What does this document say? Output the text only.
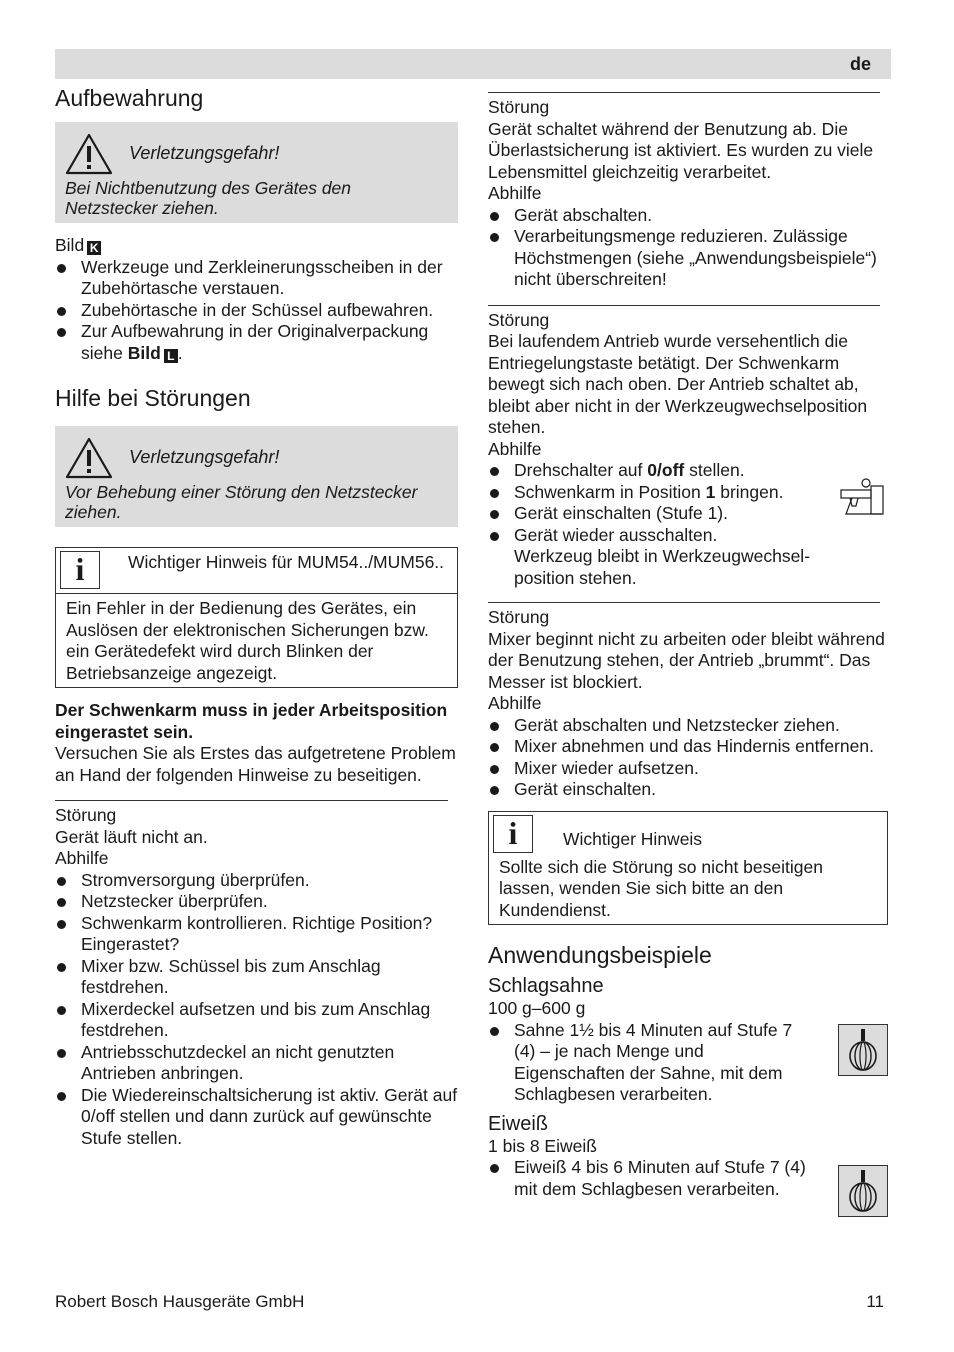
de
Aufbewahrung
Verletzungsgefahr!
Bei Nichtbenutzung des Gerätes den Netzstecker ziehen.
Bild K
Werkzeuge und Zerkleinerungsscheiben in der Zubehörtasche verstauen.
Zubehörtasche in der Schüssel aufbewahren.
Zur Aufbewahrung in der Originalverpackung siehe Bild L .
Hilfe bei Störungen
Verletzungsgefahr!
Vor Behebung einer Störung den Netzstecker ziehen.
i	Wichtiger Hinweis für MUM54../MUM56..
Ein Fehler in der Bedienung des Gerätes, ein Auslösen der elektronischen Sicherungen bzw. ein Gerätedefekt wird durch Blinken der Betriebsanzeige angezeigt.
Der Schwenkarm muss in jeder Arbeitsposition eingerastet sein.
Versuchen Sie als Erstes das aufgetretene Problem an Hand der folgenden Hinweise zu beseitigen.
Störung
Gerät läuft nicht an.
Abhilfe
Stromversorgung überprüfen.
Netzstecker überprüfen.
Schwenkarm kontrollieren. Richtige Position? Eingerastet?
Mixer bzw. Schüssel bis zum Anschlag festdrehen.
Mixerdeckel aufsetzen und bis zum Anschlag festdrehen.
Antriebsschutzdeckel an nicht genutzten Antrieben anbringen.
Die Wiedereinschaltsicherung ist aktiv. Gerät auf 0/off stellen und dann zurück auf gewünschte Stufe stellen.
Störung
Gerät schaltet während der Benutzung ab. Die Überlastsicherung ist aktiviert. Es wurden zu viele Lebensmittel gleichzeitig verarbeitet.
Abhilfe
Gerät abschalten.
Verarbeitungsmenge reduzieren. Zulässige Höchstmengen (siehe „Anwendungsbeispiele“) nicht überschreiten!
Störung
Bei laufendem Antrieb wurde versehentlich die Entriegelungstaste betätigt. Der Schwenkarm bewegt sich nach oben. Der Antrieb schaltet ab, bleibt aber nicht in der Werkzeugwechselposition stehen.
Abhilfe
Drehschalter auf 0/off stellen.
Schwenkarm in Position 1 bringen.
Gerät einschalten (Stufe 1).
Gerät wieder ausschalten.
Werkzeug bleibt in Werkzeugwechselposition stehen.
Störung
Mixer beginnt nicht zu arbeiten oder bleibt während der Benutzung stehen, der Antrieb „brummt“. Das Messer ist blockiert.
Abhilfe
Gerät abschalten und Netzstecker ziehen.
Mixer abnehmen und das Hindernis entfernen.
Mixer wieder aufsetzen.
Gerät einschalten.
i	Wichtiger Hinweis
Sollte sich die Störung so nicht beseitigen lassen, wenden Sie sich bitte an den Kundendienst.
Anwendungsbeispiele
Schlagsahne
100 g–600 g
Sahne 1½ bis 4 Minuten auf Stufe 7 (4) – je nach Menge und Eigenschaften der Sahne, mit dem Schlagbesen verarbeiten.
Eiweiß
1 bis 8 Eiweiß
Eiweiß 4 bis 6 Minuten auf Stufe 7 (4) mit dem Schlagbesen verarbeiten.
Robert Bosch Hausgeräte GmbH	11
